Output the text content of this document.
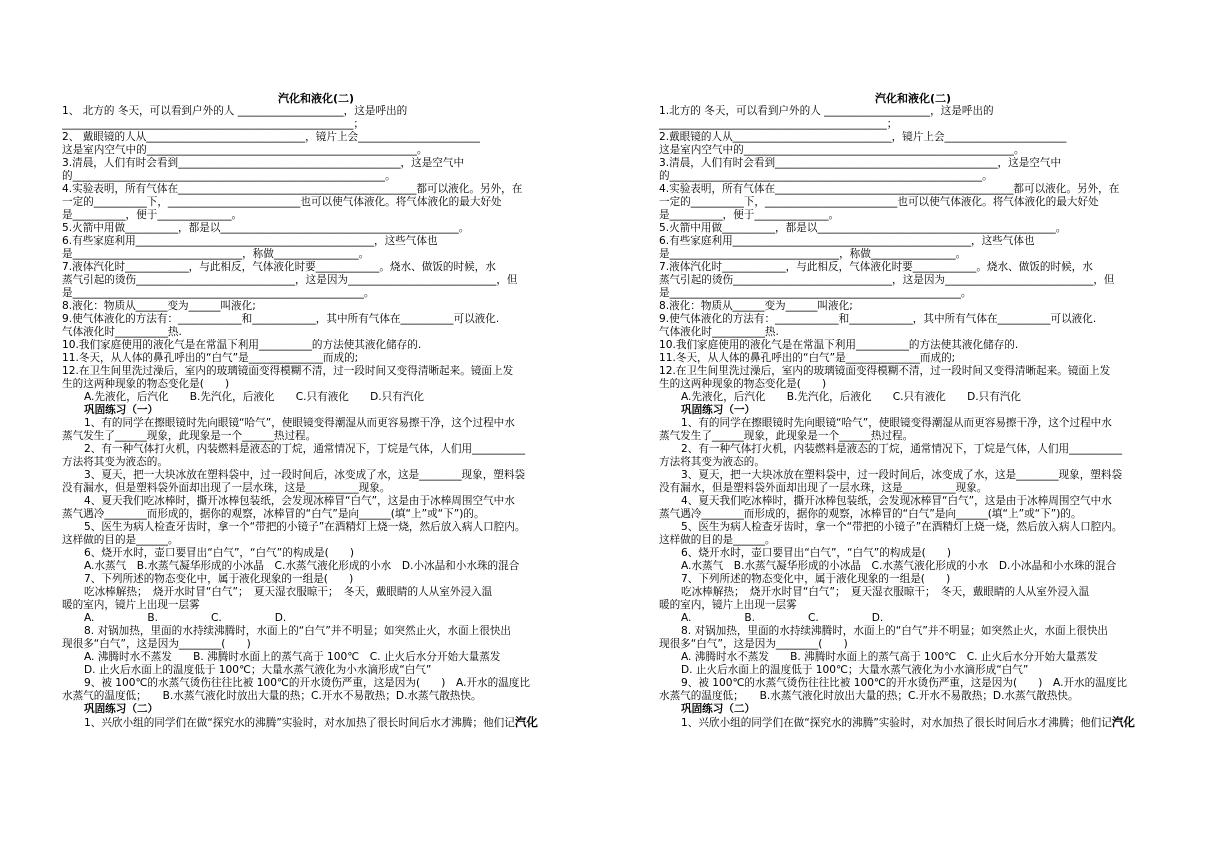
汽化和液化(二)
1、 北方的 冬天，可以看到户外的人 ____________________，这是呼出的
_______________________________________________________；
2、 戴眼镜的人从______________________________，镜片上会_______________________
这是室内空气中的___________________________________________________。
3.清晨，人们有时会看到__________________________________________，这是空气中
的___________________________________________________________。
4.实验表明，所有气体在_____________________________________________都可以液化。另外，在
一定的__________下，_________________________也可以使气体液化。将气体液化的最大好处
是__________，便于______________。
5.火箭中用做__________，都是以_____________________________________________。
6.有些家庭利用_____________________________________________，这些气体也
是________________________________，称做________________。
7.液体汽化时____________，与此相反，气体液化时要____________。烧水、做饭的时候，水
蒸气引起的烫伤______________________________，这是因为____________________________，但
是_______________________________________________________。
8.液化：物质从______变为______叫液化;
9.使气体液化的方法有：____________和____________，其中所有气体在__________可以液化.
气体液化时__________热.
10.我们家庭使用的液化气是在常温下利用__________的方法使其液化储存的.
11.冬天，从人体的鼻孔呼出的“白气”是______________而成的;
12.在卫生间里洗过澡后，室内的玻璃镜面变得模糊不清，过一段时间又变得清晰起来。镜面上发
生的这两种现象的物态变化是(　　)
A.先液化，后汽化　　B.先汽化，后液化　　C.只有液化　　D.只有汽化
巩固练习（一）
1、有的同学在擦眼镜时先向眼镜“哈气”，使眼镜变得潮湿从而更容易擦干净，这个过程中水
蒸气发生了______现象，此现象是一个______热过程。
2、有一种气体打火机，内装燃料是液态的丁烷，通常情况下，丁烷是气体，人们用__________
方法将其变为液态的。
3、夏天，把一大块冰放在塑料袋中，过一段时间后，冰变成了水，这是________现象，塑料袋
没有漏水，但是塑料袋外面却出现了一层水珠，这是__________现象。
4、夏天我们吃冰棒时，撕开冰棒包装纸，会发现冰棒冒“白气”，这是由于冰棒周围空气中水
蒸气遇冷________而形成的，据你的观察，冰棒冒的“白气”是向______(填“上”或“下”)的。
5、医生为病人检查牙齿时，拿一个“带把的小镜子”在酒精灯上烧一烧，然后放入病人口腔内。
这样做的目的是______。
6、烧开水时，壶口要冒出“白气”，“白气”的构成是(　　)
A.水蒸气　B.水蒸气凝华形成的小冰晶　C.水蒸气液化形成的小水　D.小冰晶和小水珠的混合
7、下列所述的物态变化中，属于液化现象的一组是(　　)
吃冰棒解热；　烧开水时冒“白气”；　夏天湿衣服晾干；　冬天，戴眼睛的人从室外浸入温
暖的室内，镜片上出现一层雾
A.　　　　　B.　　　　　C.　　　　　D.
8. 对锅加热，里面的水持续沸腾时，水面上的“白气”并不明显；如突然止火，水面上很快出
现很多“白气”，这是因为________(　　)
A. 沸腾时水不蒸发　　B. 沸腾时水面上的蒸气高于 100℃　C. 止火后水分开始大量蒸发
D. 止火后水面上的温度低于 100℃；大量水蒸气液化为小水滴形成“白气”
9、被 100℃的水蒸气烫伤往往比被 100℃的开水烫伤严重，这是因为(　　)　A.开水的温度比
水蒸气的温度低；　　B.水蒸气液化时放出大量的热；C.开水不易散热；D.水蒸气散热快。
巩固练习（二）
1、兴欣小组的同学们在做“探究水的沸腾”实验时，对水加热了很长时间后水才沸腾；他们记汽化
汽化和液化(二)
1.北方的 冬天，可以看到户外的人 ____________________，这是呼出的
___________________________________________；
2.戴眼镜的人从______________________________，镜片上会_______________________
这是室内空气中的___________________________________________________。
3.清晨，人们有时会看到__________________________________________，这是空气中
的___________________________________________________________。
4.实验表明，所有气体在_____________________________________________都可以液化。另外，在
一定的__________下，_________________________也可以使气体液化。将气体液化的最大好处
是__________，便于______________。
5.火箭中用做__________，都是以_____________________________________________。
6.有些家庭利用_____________________________________________，这些气体也
是________________________________，称做________________。
7.液体汽化时____________，与此相反，气体液化时要____________。烧水、做饭的时候，水
蒸气引起的烫伤______________________________，这是因为____________________________，但
是_______________________________________________________。
8.液化：物质从______变为______叫液化;
9.使气体液化的方法有：____________和____________，其中所有气体在__________可以液化.
气体液化时__________热.
10.我们家庭使用的液化气是在常温下利用__________的方法使其液化储存的.
11.冬天，从人体的鼻孔呼出的“白气”是______________而成的;
12.在卫生间里洗过澡后，室内的玻璃镜面变得模糊不清，过一段时间又变得清晰起来。镜面上发
生的这两种现象的物态变化是(　　)
A.先液化，后汽化　　B.先汽化，后液化　　C.只有液化　　D.只有汽化
巩固练习（一）
1、有的同学在擦眼镜时先向眼镜“哈气”，使眼镜变得潮湿从而更容易擦干净，这个过程中水
蒸气发生了______现象，此现象是一个______热过程。
2、有一种气体打火机，内装燃料是液态的丁烷，通常情况下，丁烷是气体，人们用__________
方法将其变为液态的。
3、夏天，把一大块冰放在塑料袋中，过一段时间后，冰变成了水，这是________现象，塑料袋
没有漏水，但是塑料袋外面却出现了一层水珠，这是__________现象。
4、夏天我们吃冰棒时，撕开冰棒包装纸，会发现冰棒冒“白气”，这是由于冰棒周围空气中水
蒸气遇冷________而形成的，据你的观察，冰棒冒的“白气”是向______(填“上”或“下”)的。
5、医生为病人检查牙齿时，拿一个“带把的小镜子”在酒精灯上烧一烧，然后放入病人口腔内。
这样做的目的是______。
6、烧开水时，壶口要冒出“白气”，“白气”的构成是(　　)
A.水蒸气　B.水蒸气凝华形成的小冰晶　C.水蒸气液化形成的小水　D.小冰晶和小水珠的混合
7、下列所述的物态变化中，属于液化现象的一组是(　　)
吃冰棒解热；　烧开水时冒“白气”；　夏天湿衣服晾干；　冬天，戴眼睛的人从室外浸入温
暖的室内，镜片上出现一层雾
A.　　　　　B.　　　　　C.　　　　　D.
8. 对锅加热，里面的水持续沸腾时，水面上的“白气”并不明显；如突然止火，水面上很快出
现很多“白气”，这是因为________(　　)
A. 沸腾时水不蒸发　　B. 沸腾时水面上的蒸气高于 100℃　C. 止火后水分开始大量蒸发
D. 止火后水面上的温度低于 100℃；大量水蒸气液化为小水滴形成“白气”
9、被 100℃的水蒸气烫伤往往比被 100℃的开水烫伤严重，这是因为(　　)　A.开水的温度比
水蒸气的温度低；　　B.水蒸气液化时放出大量的热；C.开水不易散热；D.水蒸气散热快。
巩固练习（二）
1、兴欣小组的同学们在做“探究水的沸腾”实验时，对水加热了很长时间后水才沸腾；他们记汽化
